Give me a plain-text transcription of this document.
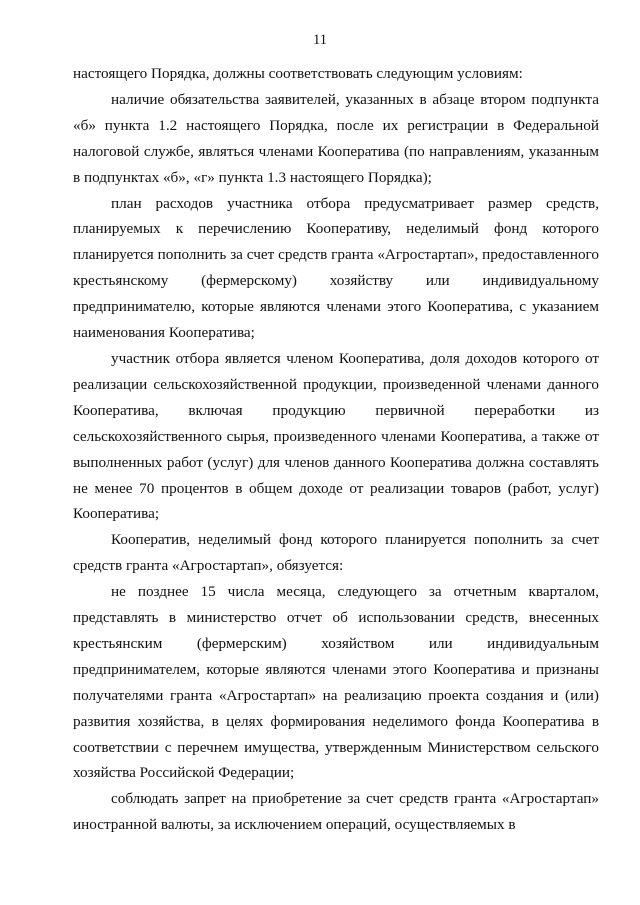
11

настоящего Порядка, должны соответствовать следующим условиям:

наличие обязательства заявителей, указанных в абзаце втором подпункта «б» пункта 1.2 настоящего Порядка, после их регистрации в Федеральной налоговой службе, являться членами Кооператива (по направлениям, указанным в подпунктах «б», «г» пункта 1.3 настоящего Порядка);

план расходов участника отбора предусматривает размер средств, планируемых к перечислению Кооперативу, неделимый фонд которого планируется пополнить за счет средств гранта «Агростартап», предоставленного крестьянскому (фермерскому) хозяйству или индивидуальному предпринимателю, которые являются членами этого Кооператива, с указанием наименования Кооператива;

участник отбора является членом Кооператива, доля доходов которого от реализации сельскохозяйственной продукции, произведенной членами данного Кооператива, включая продукцию первичной переработки из сельскохозяйственного сырья, произведенного членами Кооператива, а также от выполненных работ (услуг) для членов данного Кооператива должна составлять не менее 70 процентов в общем доходе от реализации товаров (работ, услуг) Кооператива;

Кооператив, неделимый фонд которого планируется пополнить за счет средств гранта «Агростартап», обязуется:

не позднее 15 числа месяца, следующего за отчетным кварталом, представлять в министерство отчет об использовании средств, внесенных крестьянским (фермерским) хозяйством или индивидуальным предпринимателем, которые являются членами этого Кооператива и признаны получателями гранта «Агростартап» на реализацию проекта создания и (или) развития хозяйства, в целях формирования неделимого фонда Кооператива в соответствии с перечнем имущества, утвержденным Министерством сельского хозяйства Российской Федерации;

соблюдать запрет на приобретение за счет средств гранта «Агростартап» иностранной валюты, за исключением операций, осуществляемых в
